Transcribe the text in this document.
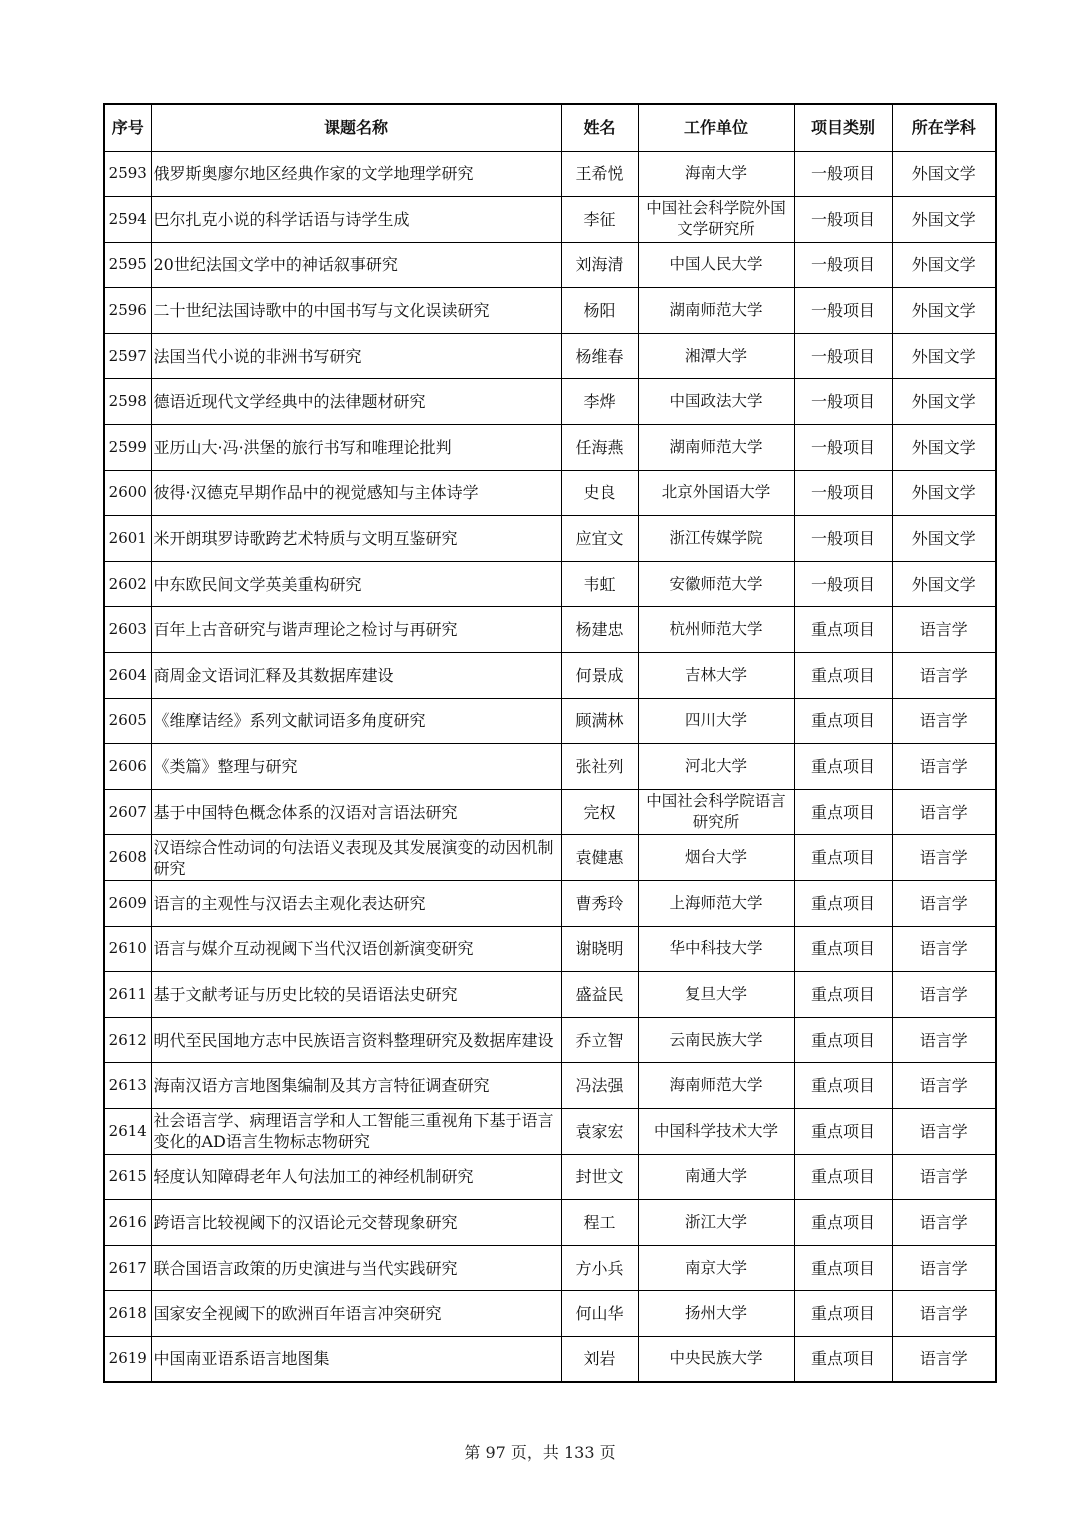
序号	课题名称	姓名	工作单位	项目类别	所在学科
2593	俄罗斯奥廖尔地区经典作家的文学地理学研究	王希悦	海南大学	一般项目	外国文学
2594	巴尔扎克小说的科学话语与诗学生成	李征	中国社会科学院外国文学研究所	一般项目	外国文学
2595	20世纪法国文学中的神话叙事研究	刘海清	中国人民大学	一般项目	外国文学
2596	二十世纪法国诗歌中的中国书写与文化误读研究	杨阳	湖南师范大学	一般项目	外国文学
2597	法国当代小说的非洲书写研究	杨维春	湘潭大学	一般项目	外国文学
2598	德语近现代文学经典中的法律题材研究	李烨	中国政法大学	一般项目	外国文学
2599	亚历山大·冯·洪堡的旅行书写和唯理论批判	任海燕	湖南师范大学	一般项目	外国文学
2600	彼得·汉德克早期作品中的视觉感知与主体诗学	史良	北京外国语大学	一般项目	外国文学
2601	米开朗琪罗诗歌跨艺术特质与文明互鉴研究	应宜文	浙江传媒学院	一般项目	外国文学
2602	中东欧民间文学英美重构研究	韦虹	安徽师范大学	一般项目	外国文学
2603	百年上古音研究与谐声理论之检讨与再研究	杨建忠	杭州师范大学	重点项目	语言学
2604	商周金文语词汇释及其数据库建设	何景成	吉林大学	重点项目	语言学
2605	《维摩诘经》系列文献词语多角度研究	顾满林	四川大学	重点项目	语言学
2606	《类篇》整理与研究	张社列	河北大学	重点项目	语言学
2607	基于中国特色概念体系的汉语对言语法研究	完权	中国社会科学院语言研究所	重点项目	语言学
2608	汉语综合性动词的句法语义表现及其发展演变的动因机制研究	袁健惠	烟台大学	重点项目	语言学
2609	语言的主观性与汉语去主观化表达研究	曹秀玲	上海师范大学	重点项目	语言学
2610	语言与媒介互动视阈下当代汉语创新演变研究	谢晓明	华中科技大学	重点项目	语言学
2611	基于文献考证与历史比较的吴语语法史研究	盛益民	复旦大学	重点项目	语言学
2612	明代至民国地方志中民族语言资料整理研究及数据库建设	乔立智	云南民族大学	重点项目	语言学
2613	海南汉语方言地图集编制及其方言特征调查研究	冯法强	海南师范大学	重点项目	语言学
2614	社会语言学、病理语言学和人工智能三重视角下基于语言变化的AD语言生物标志物研究	袁家宏	中国科学技术大学	重点项目	语言学
2615	轻度认知障碍老年人句法加工的神经机制研究	封世文	南通大学	重点项目	语言学
2616	跨语言比较视阈下的汉语论元交替现象研究	程工	浙江大学	重点项目	语言学
2617	联合国语言政策的历史演进与当代实践研究	方小兵	南京大学	重点项目	语言学
2618	国家安全视阈下的欧洲百年语言冲突研究	何山华	扬州大学	重点项目	语言学
2619	中国南亚语系语言地图集	刘岩	中央民族大学	重点项目	语言学
第 97 页，共 133 页
